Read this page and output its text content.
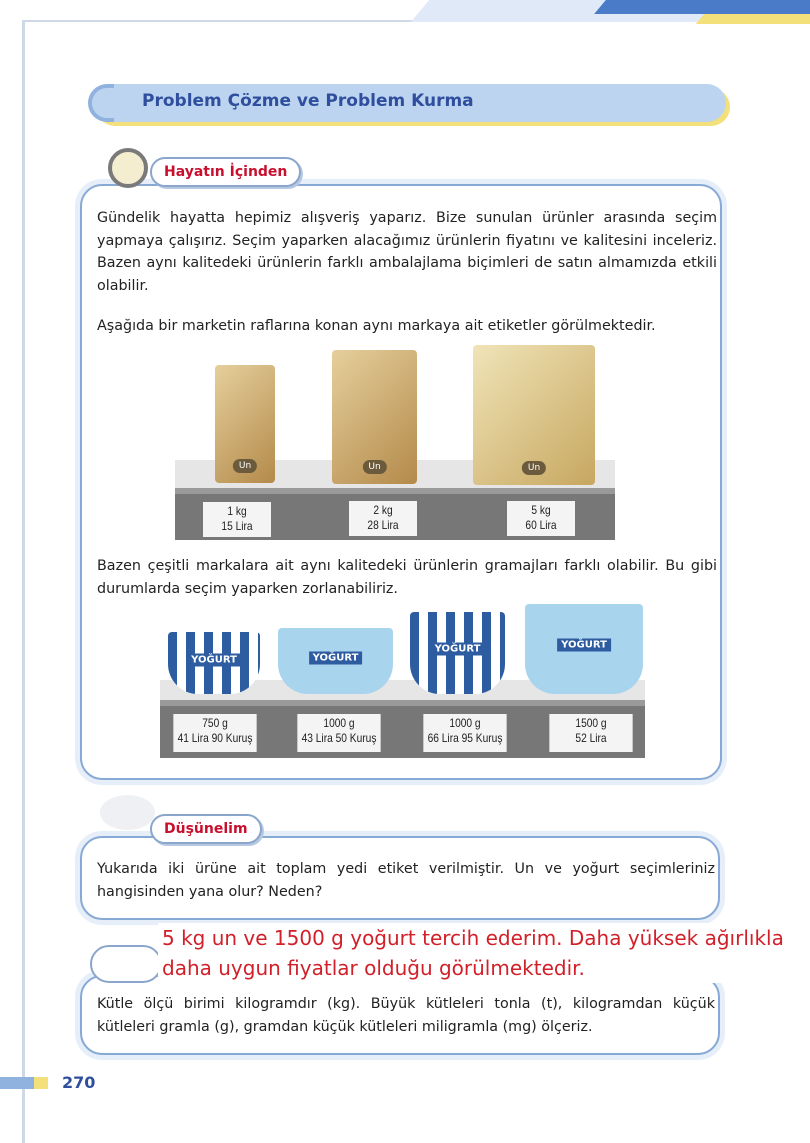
Problem Çözme ve Problem Kurma
Hayatın İçinden
Gündelik hayatta hepimiz alışveriş yaparız. Bize sunulan ürünler arasında seçim yapmaya çalışırız. Seçim yaparken alacağımız ürünlerin fiyatını ve kalitesini inceleriz. Bazen aynı kalitedeki ürünlerin farklı ambalajlama biçimleri de satın almamızda etkili olabilir.
Aşağıda bir marketin raflarına konan aynı markaya ait etiketler görülmektedir.
Un	Un	Un
1 kg
15 Lira
2 kg
28 Lira
5 kg
60 Lira
Bazen çeşitli markalara ait aynı kalitedeki ürünlerin gramajları farklı olabilir. Bu gibi durumlarda seçim yaparken zorlanabiliriz.
YOĞURT	YOĞURT
YOĞURT	YOĞURT
750 g
41 Lira 90 Kuruş
1000 g
43 Lira 50 Kuruş
1000 g
66 Lira 95 Kuruş
1500 g
52 Lira
Düşünelim
Yukarıda iki ürüne ait toplam yedi etiket verilmiştir. Un ve yoğurt seçimleriniz hangisinden yana olur? Neden?
Kütle ölçü birimi kilogramdır (kg). Büyük kütleleri tonla (t), kilogramdan küçük kütleleri gramla (g), gramdan küçük kütleleri miligramla (mg) ölçeriz.
5 kg un ve 1500 g yoğurt tercih ederim. Daha yüksek ağırlıkla
daha uygun fiyatlar olduğu görülmektedir.
270
